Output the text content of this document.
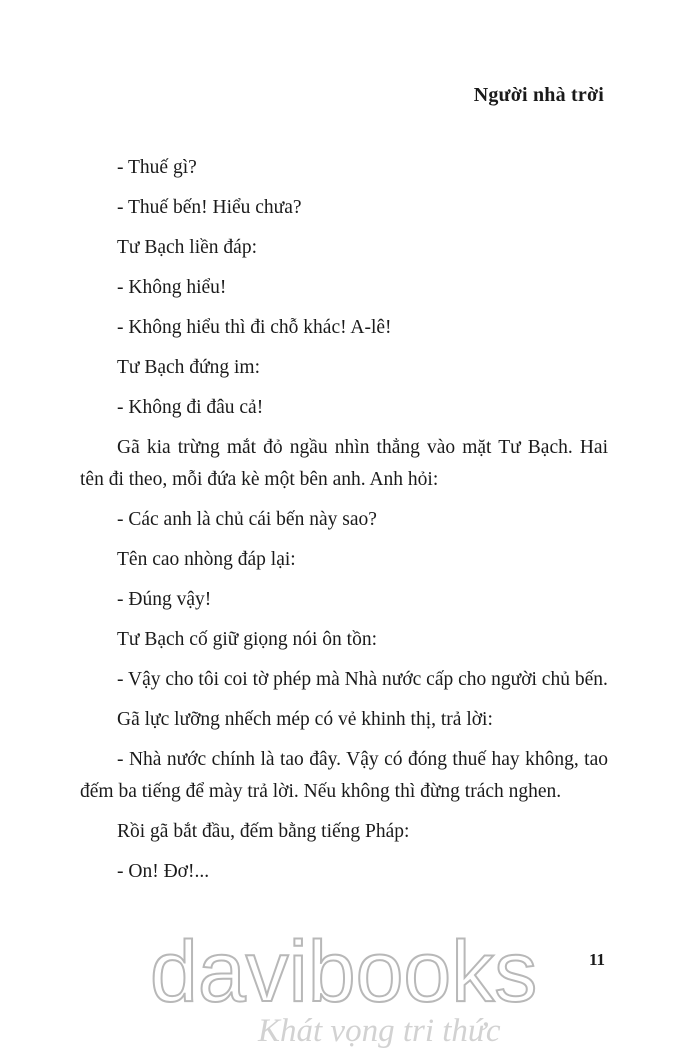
Người nhà trời

- Thuế gì?

- Thuế bến! Hiểu chưa?

Tư Bạch liền đáp:

- Không hiểu!

- Không hiểu thì đi chỗ khác! A-lê!

Tư Bạch đứng im:

- Không đi đâu cả!

Gã kia trừng mắt đỏ ngầu nhìn thẳng vào mặt Tư Bạch. Hai tên đi theo, mỗi đứa kè một bên anh. Anh hỏi:

- Các anh là chủ cái bến này sao?

Tên cao nhòng đáp lại:

- Đúng vậy!

Tư Bạch cố giữ giọng nói ôn tồn:

- Vậy cho tôi coi tờ phép mà Nhà nước cấp cho người chủ bến.

Gã lực lưỡng nhếch mép có vẻ khinh thị, trả lời:

- Nhà nước chính là tao đây. Vậy có đóng thuế hay không, tao đếm ba tiếng để mày trả lời. Nếu không thì đừng trách nghen.

Rồi gã bắt đầu, đếm bằng tiếng Pháp:

- On! Đơ!...

davibooks
Khát vọng tri thức
11
